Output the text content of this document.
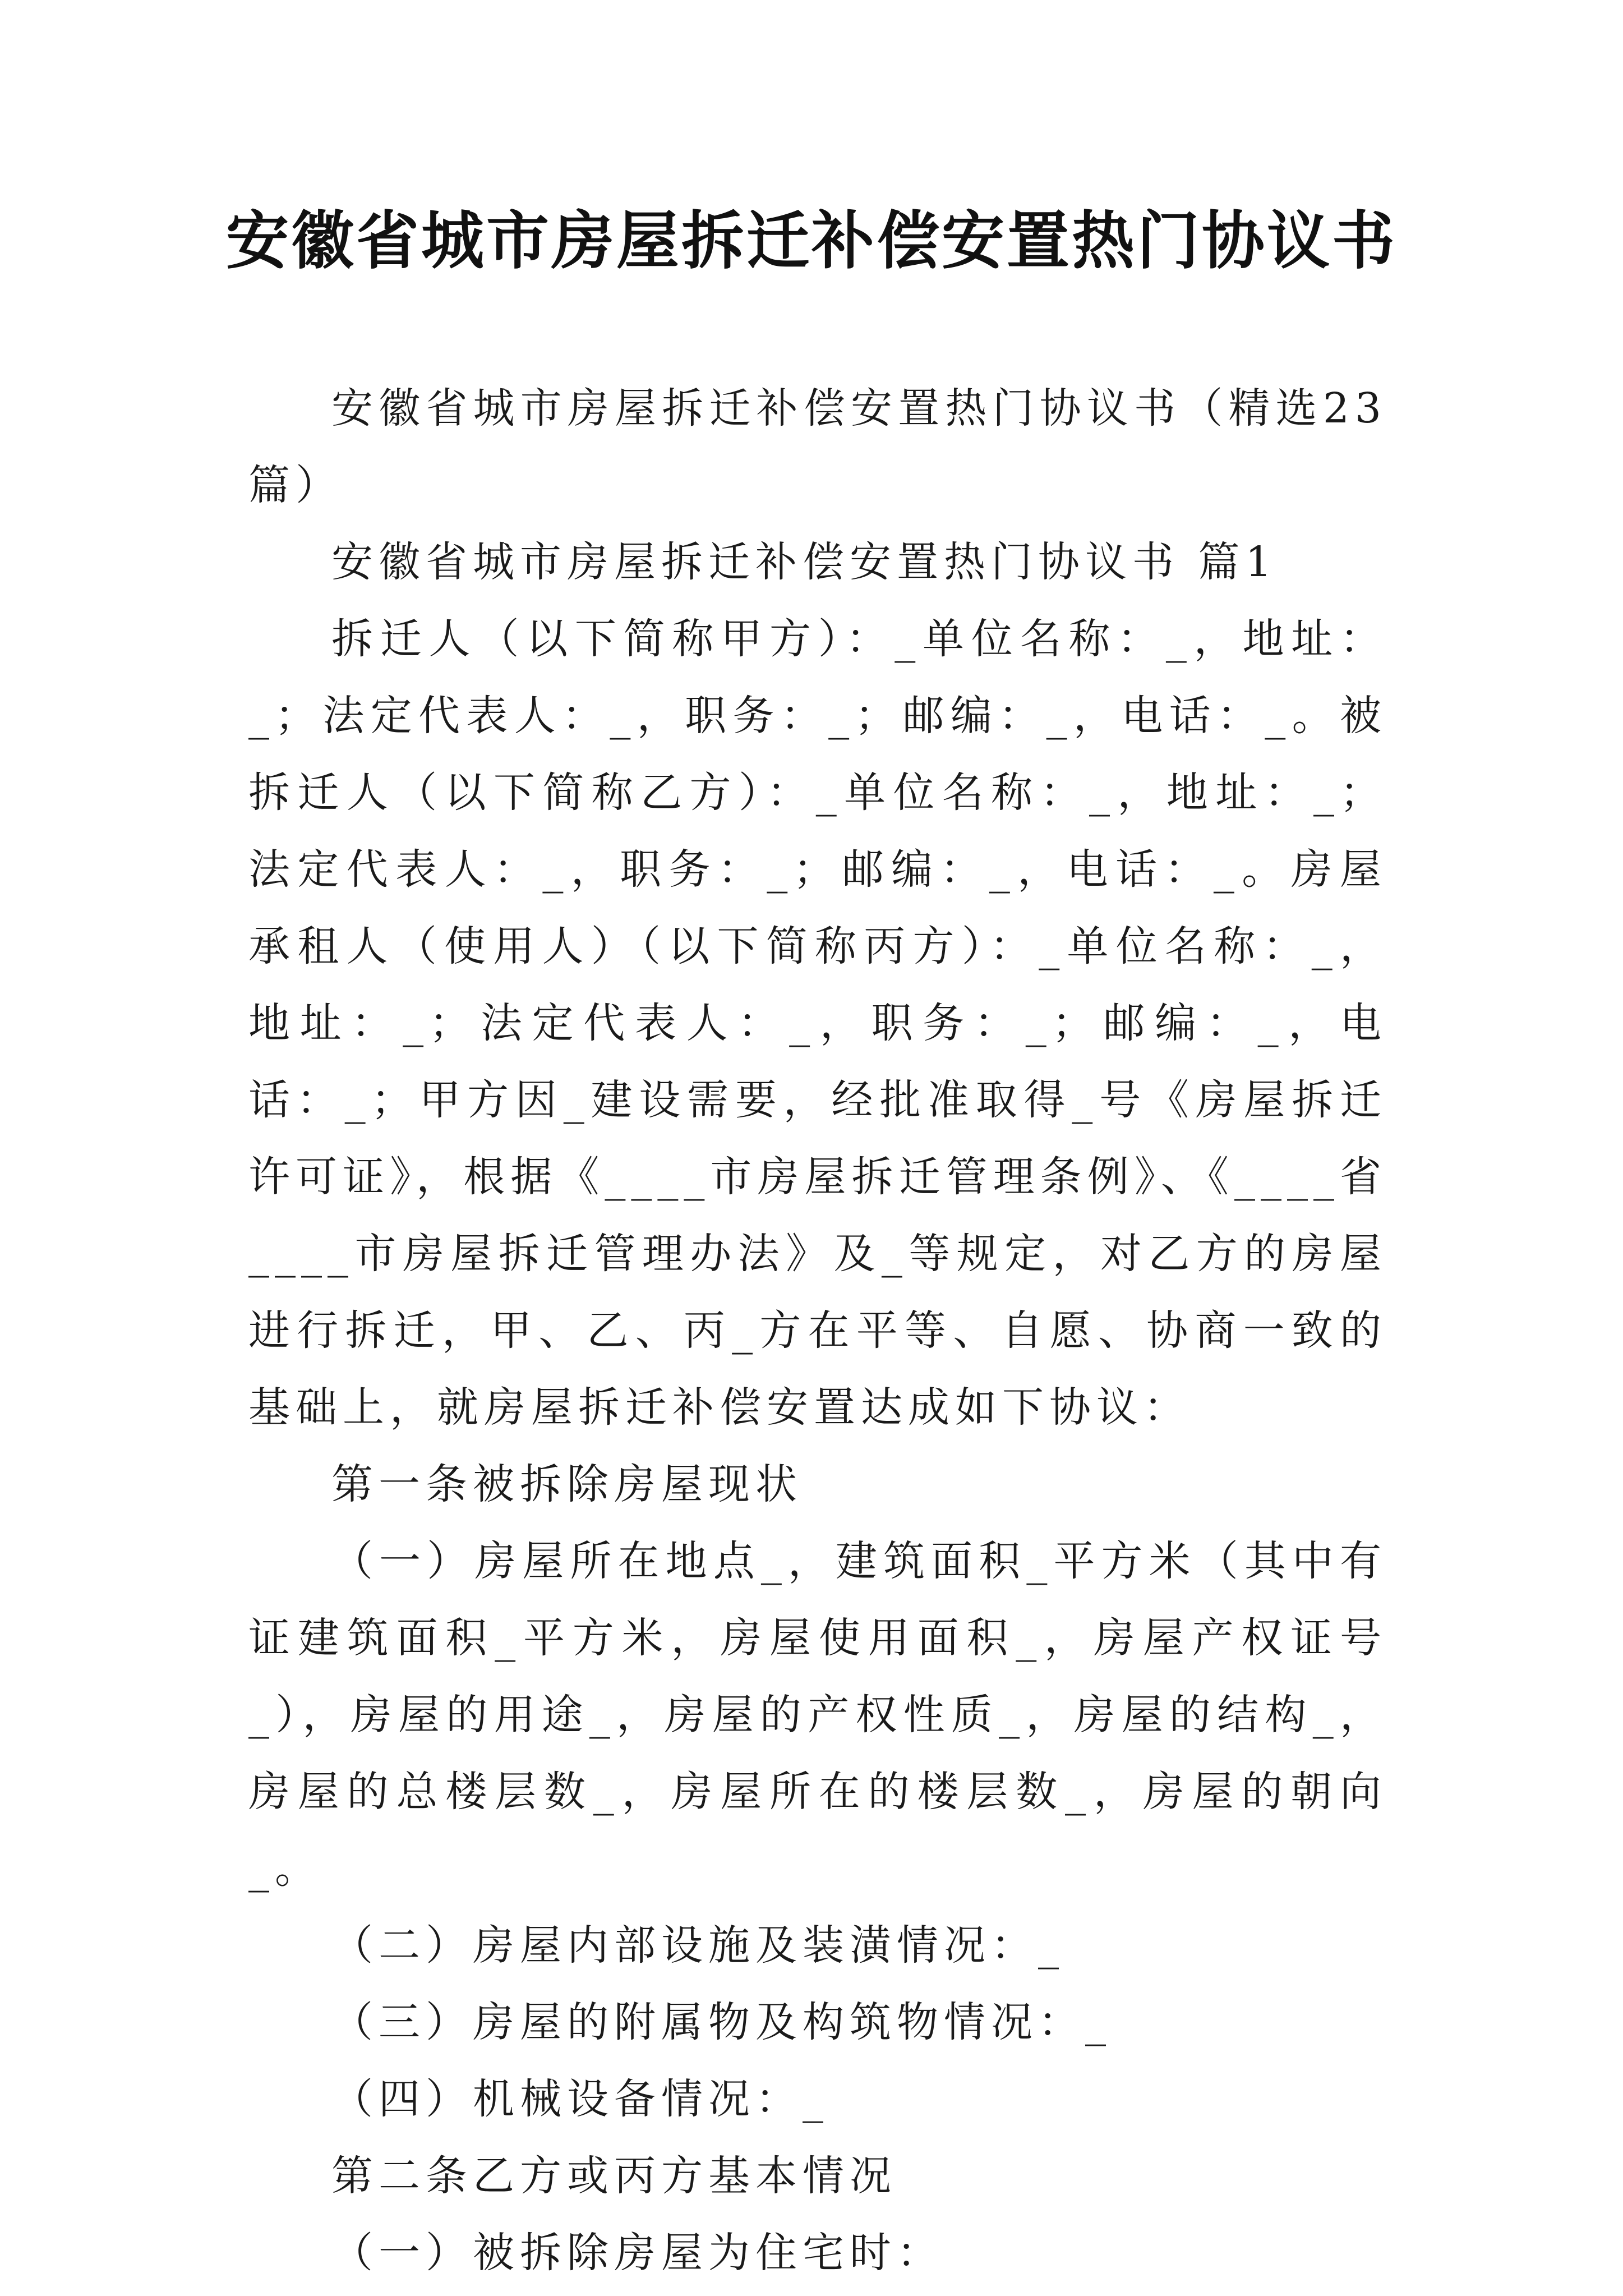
安徽省城市房屋拆迁补偿安置热门协议书

安徽省城市房屋拆迁补偿安置热门协议书（精选23篇）

安徽省城市房屋拆迁补偿安置热门协议书 篇1

拆迁人（以下简称甲方）：_单位名称：_，地址：_；法定代表人：_，职务：_；邮编：_，电话：_。被拆迁人（以下简称乙方）：_单位名称：_，地址：_；法定代表人：_，职务：_；邮编：_，电话：_。房屋承租人（使用人）（以下简称丙方）：_单位名称：_，地址：_；法定代表人：_，职务：_；邮编：_，电话：_；甲方因_建设需要，经批准取得_号《房屋拆迁许可证》，根据《____市房屋拆迁管理条例》、《____省____市房屋拆迁管理办法》及_等规定，对乙方的房屋进行拆迁，甲、乙、丙_方在平等、自愿、协商一致的基础上，就房屋拆迁补偿安置达成如下协议：

第一条被拆除房屋现状

（一）房屋所在地点_，建筑面积_平方米（其中有证建筑面积_平方米，房屋使用面积_，房屋产权证号_），房屋的用途_，房屋的产权性质_，房屋的结构_，房屋的总楼层数_，房屋所在的楼层数_，房屋的朝向_。

（二）房屋内部设施及装潢情况：_

（三）房屋的附属物及构筑物情况：_

（四）机械设备情况：_

第二条乙方或丙方基本情况

（一）被拆除房屋为住宅时：
